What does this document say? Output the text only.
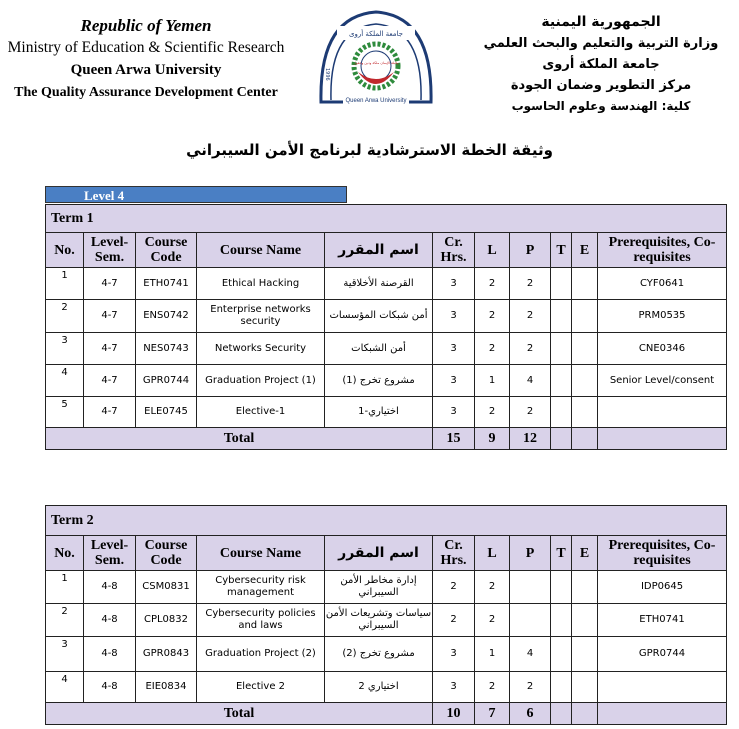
Republic of Yemen
Ministry of Education & Scientific Research
Queen Arwa University
The Quality Assurance Development Center
جامعة الملكة أروى
وقبلة الإيمان ملكة ودين وعقول
1996
Queen Arwa University
الجمهورية اليمنية
وزارة التربية والتعليم والبحث العلمي
جامعة الملكة أروى
مركز التطوير وضمان الجودة
كلية: الهندسة وعلوم الحاسوب
وثيقة الخطة الاسترشادية لبرنامج الأمن السيبراني
Level 4
Term 1										
No.	Level-Sem.	Course Code	Course Name	اسم المقرر	Cr. Hrs.	L	P	T	E	Prerequisites, Co-requisites
1	4-7	ETH0741	Ethical Hacking	القرصنة الأخلاقية	3	2	2			CYF0641
2	4-7	ENS0742	Enterprise networks security	أمن شبكات المؤسسات	3	2	2			PRM0535
3	4-7	NES0743	Networks Security	أمن الشبكات	3	2	2			CNE0346
4	4-7	GPR0744	Graduation Project (1)	مشروع تخرج (1)	3	1	4			Senior Level/consent
5	4-7	ELE0745	Elective-1	اختياري-1	3	2	2			
Total					15	9	12			
Term 2										
No.	Level-Sem.	Course Code	Course Name	اسم المقرر	Cr. Hrs.	L	P	T	E	Prerequisites, Co-requisites
1	4-8	CSM0831	Cybersecurity risk management	إدارة مخاطر الأمن السيبراني	2	2				IDP0645
2	4-8	CPL0832	Cybersecurity policies and laws	سياسات وتشريعات الأمن السيبراني	2	2				ETH0741
3	4-8	GPR0843	Graduation Project (2)	مشروع تخرج (2)	3	1	4			GPR0744
4	4-8	EIE0834	Elective 2	اختياري 2	3	2	2			
Total					10	7	6			
